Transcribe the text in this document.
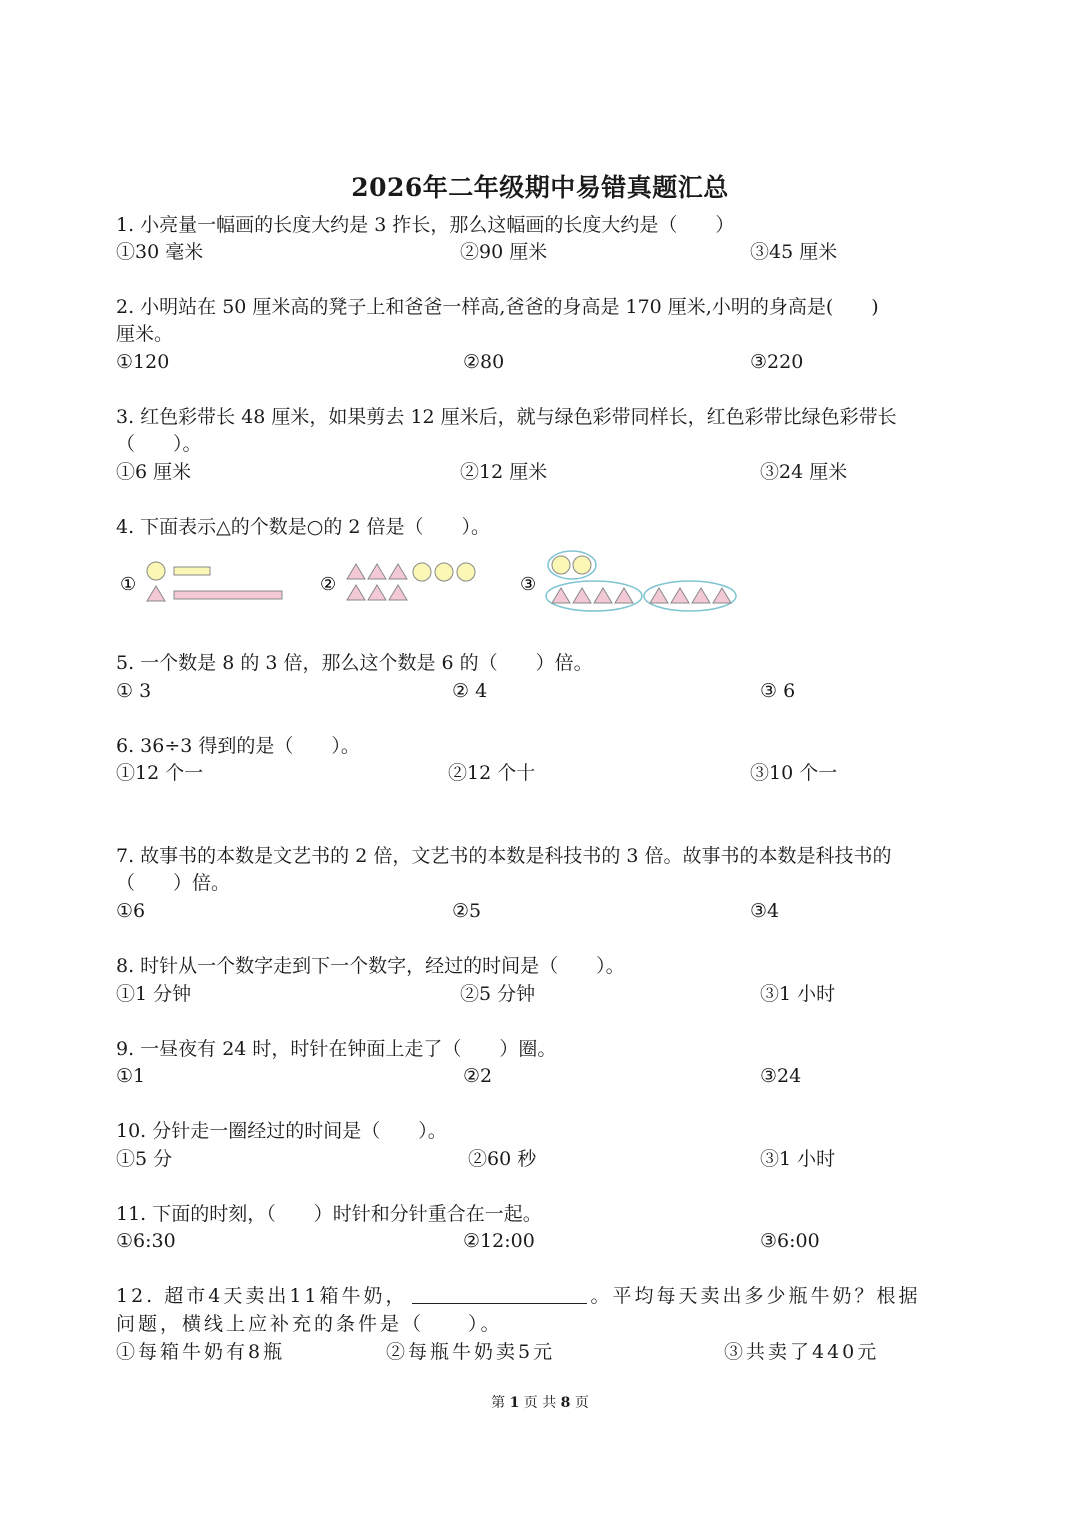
2026年二年级期中易错真题汇总
1. 小亮量一幅画的长度大约是 3 拃长，那么这幅画的长度大约是（　　）
①30 毫米	②90 厘米	③45 厘米
2. 小明站在 50 厘米高的凳子上和爸爸一样高,爸爸的身高是 170 厘米,小明的身高是(　　)
厘米。
①120	②80	③220
3. 红色彩带长 48 厘米，如果剪去 12 厘米后，就与绿色彩带同样长，红色彩带比绿色彩带长
（　　）。
①6 厘米	②12 厘米	③24 厘米
4. 下面表示△的个数是○的 2 倍是（　　）。
①	②	③
5. 一个数是 8 的 3 倍，那么这个数是 6 的（　　）倍。
① 3	② 4	③ 6
6. 36÷3 得到的是（　　）。
①12 个一	②12 个十	③10 个一
7. 故事书的本数是文艺书的 2 倍，文艺书的本数是科技书的 3 倍。故事书的本数是科技书的
（　　）倍。
①6	②5	③4
8. 时针从一个数字走到下一个数字，经过的时间是（　　）。
①1 分钟	②5 分钟	③1 小时
9. 一昼夜有 24 时，时针在钟面上走了（　　）圈。
①1	②2	③24
10. 分针走一圈经过的时间是（　　）。
①5 分	②60 秒	③1 小时
11. 下面的时刻，（　　）时针和分针重合在一起。
①6:30	②12:00	③6:00
12. 超市4天卖出11箱牛奶，	。平均每天卖出多少瓶牛奶？根据
问题，横线上应补充的条件是（　　）。
①每箱牛奶有8瓶	②每瓶牛奶卖5元	③共卖了440元
第 1 页 共 8 页
